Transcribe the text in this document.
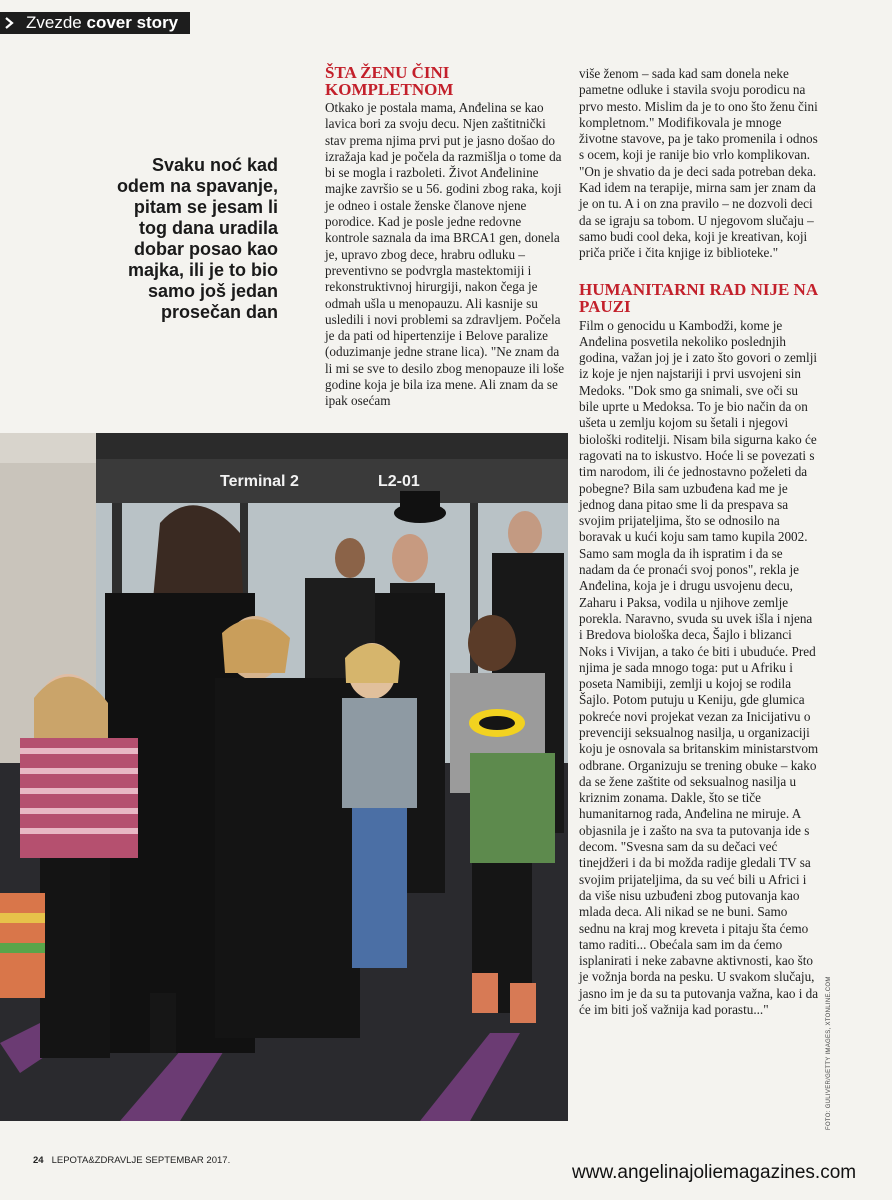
Zvezde cover story
Svaku noć kad odem na spavanje, pitam se jesam li tog dana uradila dobar posao kao majka, ili je to bio samo još jedan prosečan dan
ŠTA ŽENU ČINI KOMPLETNOM

Otkako je postala mama, Anđelina se kao lavica bori za svoju decu. Njen zaštitnički stav prema njima prvi put je jasno došao do izražaja kad je počela da razmišlja o tome da bi se mogla i razboleti. Život Anđelinine majke završio se u 56. godini zbog raka, koji je odneo i ostale ženske članove njene porodice. Kad je posle jedne redovne kontrole saznala da ima BRCA1 gen, donela je, upravo zbog dece, hrabru odluku – preventivno se podvrgla mastektomiji i rekonstruktivnoj hirurgiji, nakon čega je odmah ušla u menopauzu. Ali kasnije su usledili i novi problemi sa zdravljem. Počela je da pati od hipertenzije i Belove paralize (oduzimanje jedne strane lica). "Ne znam da li mi se sve to desilo zbog menopauze ili loše godine koja je bila iza mene. Ali znam da se ipak osećam

više ženom – sada kad sam donela neke pametne odluke i stavila svoju porodicu na prvo mesto. Mislim da je to ono što ženu čini kompletnom." Modifikovala je mnoge životne stavove, pa je tako promenila i odnos s ocem, koji je ranije bio vrlo komplikovan. "On je shvatio da je deci sada potreban deka. Kad idem na terapije, mirna sam jer znam da je on tu. A i on zna pravilo – ne dozvoli deci da se igraju sa tobom. U njegovom slučaju – samo budi cool deka, koji je kreativan, koji priča priče i čita knjige iz biblioteke."

HUMANITARNI RAD NIJE NA PAUZI

Film o genocidu u Kambodži, kome je Anđelina posvetila nekoliko poslednjih godina, važan joj je i zato što govori o zemlji iz koje je njen najstariji i prvi usvojeni sin Medoks. "Dok smo ga snimali, sve oči su bile uprte u Medoksa. To je bio način da on ušeta u zemlju kojom su šetali i njegovi biološki roditelji. Nisam bila sigurna kako će ragovati na to iskustvo. Hoće li se povezati s tim narodom, ili će jednostavno poželeti da pobegne? Bila sam uzbuđena kad me je jednog dana pitao sme li da prespava sa svojim prijateljima, što se odnosilo na boravak u kući koju sam tamo kupila 2002. Samo sam mogla da ih ispratim i da se nadam da će pronaći svoj ponos", rekla je Anđelina, koja je i drugu usvojenu decu, Zaharu i Paksa, vodila u njihove zemlje porekla. Naravno, svuda su uvek išla i njena i Bredova biološka deca, Šajlo i blizanci Noks i Vivijan, a tako će biti i ubuduće. Pred njima je sada mnogo toga: put u Afriku i poseta Namibiji, zemlji u kojoj se rodila Šajlo. Potom putuju u Keniju, gde glumica pokreće novi projekat vezan za Inicijativu o prevenciji seksualnog nasilja, u organizaciji koju je osnovala sa britanskim ministarstvom odbrane. Organizuju se trening obuke – kako da se žene zaštite od seksualnog nasilja u kriznim zonama. Dakle, što se tiče humanitarnog rada, Anđelina ne miruje. A objasnila je i zašto na sva ta putovanja ide s decom. "Svesna sam da su dečaci već tinejdžeri i da bi možda radije gledali TV sa svojim prijateljima, da su već bili u Africi i da više nisu uzbuđeni zbog putovanja kao mlada deca. Ali nikad se ne buni. Samo sednu na kraj mog kreveta i pitaju šta ćemo tamo raditi... Obećala sam im da ćemo isplanirati i neke zabavne aktivnosti, kao što je vožnja borda na pesku. U svakom slučaju, jasno im je da su ta putovanja važna, kao i da će im biti još važnija kad porastu..."

Terminal 2	L2-01
FOTO: GULIVER/GETTY IMAGES, XTONLINE.COM
24 LEPOTA&ZDRAVLJE SEPTEMBAR 2017.
www.angelinajoliemagazines.com
